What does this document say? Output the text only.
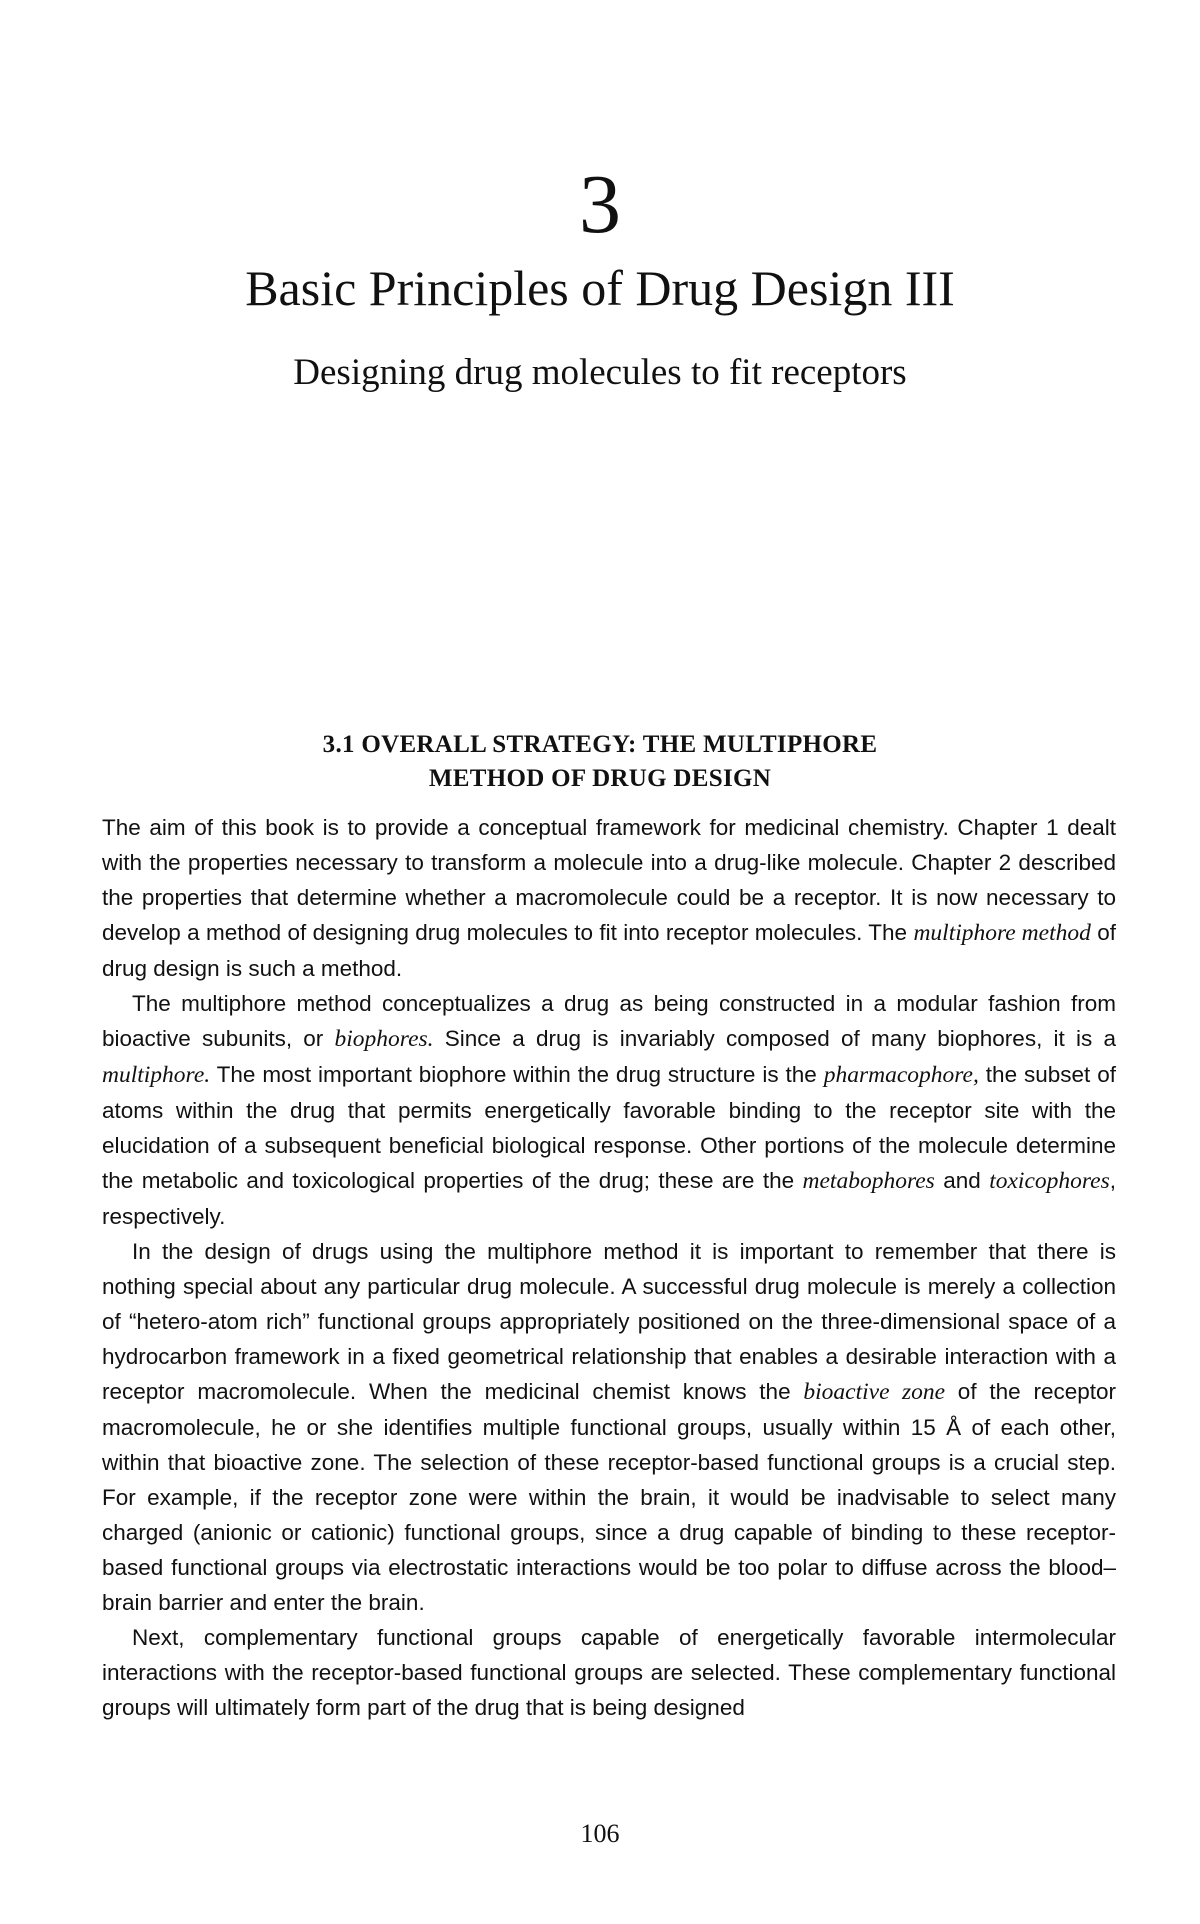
3
Basic Principles of Drug Design III
Designing drug molecules to fit receptors
3.1 OVERALL STRATEGY: THE MULTIPHORE
METHOD OF DRUG DESIGN

The aim of this book is to provide a conceptual framework for medicinal chemistry. Chapter 1 dealt with the properties necessary to transform a molecule into a drug-like molecule. Chapter 2 described the properties that determine whether a macromolecule could be a receptor. It is now necessary to develop a method of designing drug molecules to fit into receptor molecules. The multiphore method of drug design is such a method.

The multiphore method conceptualizes a drug as being constructed in a modular fashion from bioactive subunits, or biophores. Since a drug is invariably composed of many biophores, it is a multiphore. The most important biophore within the drug structure is the pharmacophore, the subset of atoms within the drug that permits energetically favorable binding to the receptor site with the elucidation of a subsequent beneficial biological response. Other portions of the molecule determine the metabolic and toxicological properties of the drug; these are the metabophores and toxicophores, respectively.

In the design of drugs using the multiphore method it is important to remember that there is nothing special about any particular drug molecule. A successful drug molecule is merely a collection of “hetero-atom rich” functional groups appropriately positioned on the three-dimensional space of a hydrocarbon framework in a fixed geometrical relationship that enables a desirable interaction with a receptor macromolecule. When the medicinal chemist knows the bioactive zone of the receptor macromolecule, he or she identifies multiple functional groups, usually within 15 Å of each other, within that bioactive zone. The selection of these receptor-based functional groups is a crucial step. For example, if the receptor zone were within the brain, it would be inadvisable to select many charged (anionic or cationic) functional groups, since a drug capable of binding to these receptor-based functional groups via electrostatic interactions would be too polar to diffuse across the blood–brain barrier and enter the brain.

Next, complementary functional groups capable of energetically favorable intermolecular interactions with the receptor-based functional groups are selected. These complementary functional groups will ultimately form part of the drug that is being designed

106
